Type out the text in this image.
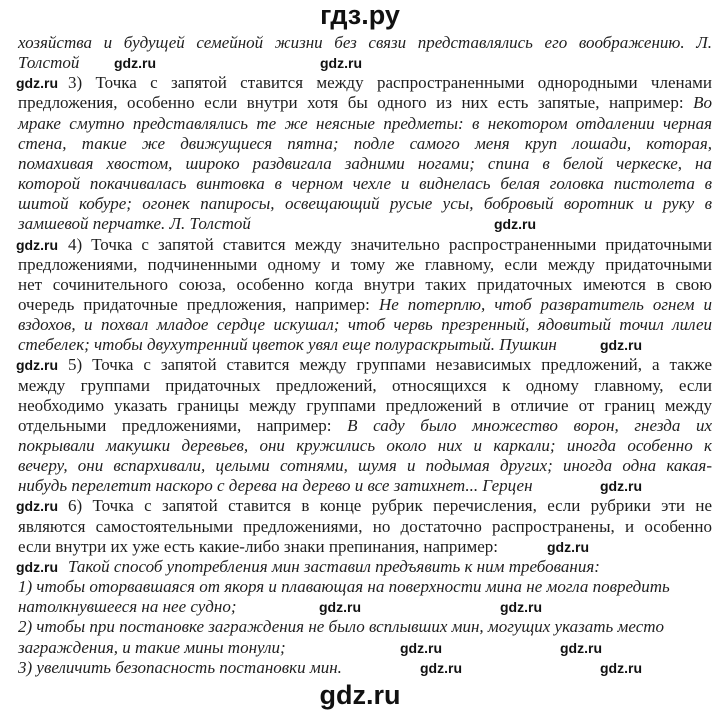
гдз.ру
хозяйства и будущей семейной жизни без связи представлялись его воображению. Л.
Толстой
3) Точка с запятой ставится между распространенными однородными членами
предложения, особенно если внутри хотя бы одного из них есть запятые, например: Во
мраке смутно представлялись те же неясные предметы: в некотором отдалении черная
стена, такие же движущиеся пятна; подле самого меня круп лошади, которая,
помахивая хвостом, широко раздвигала задними ногами; спина в белой черкеске, на
которой покачивалась винтовка в черном чехле и виднелась белая головка пистолета в
шитой кобуре; огонек папиросы, освещающий русые усы, бобровый воротник и руку в
замшевой перчатке. Л. Толстой
4) Точка с запятой ставится между значительно распространенными придаточными
предложениями, подчиненными одному и тому же главному, если между придаточными
нет сочинительного союза, особенно когда внутри таких придаточных имеются в свою
очередь придаточные предложения, например: Не потерплю, чтоб развратитель огнем и
вздохов, и похвал младое сердце искушал; чтоб червь презренный, ядовитый точил лилеи
стебелек; чтобы двухутренний цветок увял еще полураскрытый. Пушкин
5) Точка с запятой ставится между группами независимых предложений, а также
между группами придаточных предложений, относящихся к одному главному, если
необходимо указать границы между группами предложений в отличие от границ между
отдельными предложениями, например: В саду было множество ворон, гнезда их
покрывали макушки деревьев, они кружились около них и каркали; иногда особенно к
вечеру, они вспархивали, целыми сотнями, шумя и подымая других; иногда одна какая-
нибудь перелетит наскоро с дерева на дерево и все затихнет... Герцен
6) Точка с запятой ставится в конце рубрик перечисления, если рубрики эти не
являются самостоятельными предложениями, но достаточно распространены, и особенно
если внутри их уже есть какие-либо знаки препинания, например:
Такой способ употребления мин заставил предъявить к ним требования:
1) чтобы оторвавшаяся от якоря и плавающая на поверхности мина не могла повредить
натолкнувшееся на нее судно;
2) чтобы при постановке заграждения не было всплывших мин, могущих указать место
заграждения, и такие мины тонули;
3) увеличить безопасность постановки мин.
gdz.ru	gdz.ru
gdz.ru
gdz.ru
gdz.ru
gdz.ru
gdz.ru
gdz.ru
gdz.ru
gdz.ru
gdz.ru
gdz.ru	gdz.ru
gdz.ru	gdz.ru
gdz.ru	gdz.ru
gdz.ru
